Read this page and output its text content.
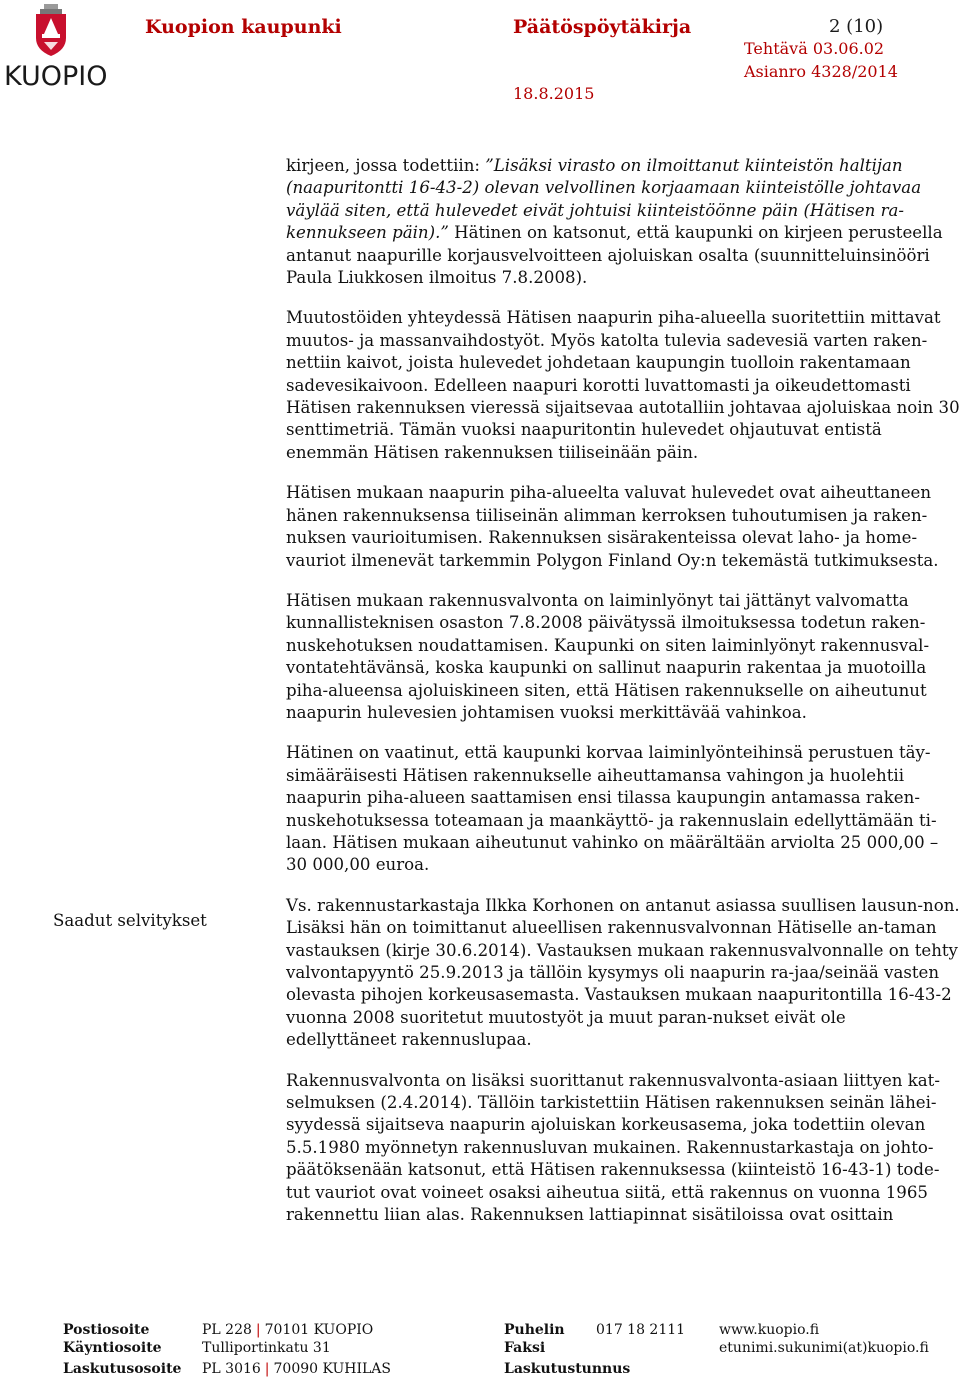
KUOPIO
Kuopion kaupunki	Päätöspöytäkirja	2 (10)
Tehtävä 03.06.02
Asianro 4328/2014
18.8.2015

kirjeen, jossa todettiin: ”Lisäksi virasto on ilmoittanut kiinteistön haltijan (naapuritontti 16-43-2) olevan velvollinen korjaamaan kiinteistölle johtavaa väylää siten, että hulevedet eivät johtuisi kiinteistöönne päin (Hätisen ra-kennukseen päin).” Hätinen on katsonut, että kaupunki on kirjeen perusteella antanut naapurille korjausvelvoitteen ajoluiskan osalta (suunnitteluinsinööri Paula Liukkosen ilmoitus 7.8.2008).

Muutostöiden yhteydessä Hätisen naapurin piha-alueella suoritettiin mittavat muutos- ja massanvaihdostyöt. Myös katolta tulevia sadevesiä varten raken-nettiin kaivot, joista hulevedet johdetaan kaupungin tuolloin rakentamaan sadevesikaivoon. Edelleen naapuri korotti luvattomasti ja oikeudettomasti Hätisen rakennuksen vieressä sijaitsevaa autotalliin johtavaa ajoluiskaa noin 30 senttimetriä. Tämän vuoksi naapuritontin hulevedet ohjautuvat entistä enemmän Hätisen rakennuksen tiiliseinään päin.

Hätisen mukaan naapurin piha-alueelta valuvat hulevedet ovat aiheuttaneen hänen rakennuksensa tiiliseinän alimman kerroksen tuhoutumisen ja raken-nuksen vaurioitumisen. Rakennuksen sisärakenteissa olevat laho- ja home-vauriot ilmenevät tarkemmin Polygon Finland Oy:n tekemästä tutkimuksesta.

Hätisen mukaan rakennusvalvonta on laiminlyönyt tai jättänyt valvomatta kunnallisteknisen osaston 7.8.2008 päivätyssä ilmoituksessa todetun raken-nuskehotuksen noudattamisen. Kaupunki on siten laiminlyönyt rakennusval-vontatehtävänsä, koska kaupunki on sallinut naapurin rakentaa ja muotoilla piha-alueensa ajoluiskineen siten, että Hätisen rakennukselle on aiheutunut naapurin hulevesien johtamisen vuoksi merkittävää vahinkoa.

Hätinen on vaatinut, että kaupunki korvaa laiminlyönteihinsä perustuen täy-simääräisesti Hätisen rakennukselle aiheuttamansa vahingon ja huolehtii naapurin piha-alueen saattamisen ensi tilassa kaupungin antamassa raken-nuskehotuksessa toteamaan ja maankäyttö- ja rakennuslain edellyttämään ti-laan. Hätisen mukaan aiheutunut vahinko on määrältään arviolta 25 000,00 – 30 000,00 euroa.

Vs. rakennustarkastaja Ilkka Korhonen on antanut asiassa suullisen lausun-non. Lisäksi hän on toimittanut alueellisen rakennusvalvonnan Hätiselle an-taman vastauksen (kirje 30.6.2014). Vastauksen mukaan rakennusvalvonnalle on tehty valvontapyyntö 25.9.2013 ja tällöin kysymys oli naapurin ra-jaa/seinää vasten olevasta pihojen korkeusasemasta. Vastauksen mukaan naapuritontilla 16-43-2 vuonna 2008 suoritetut muutostyöt ja muut paran-nukset eivät ole edellyttäneet rakennuslupaa.

Rakennusvalvonta on lisäksi suorittanut rakennusvalvonta-asiaan liittyen kat-selmuksen (2.4.2014). Tällöin tarkistettiin Hätisen rakennuksen seinän lähei-syydessä sijaitseva naapurin ajoluiskan korkeusasema, joka todettiin olevan 5.5.1980 myönnetyn rakennusluvan mukainen. Rakennustarkastaja on johto-päätöksenään katsonut, että Hätisen rakennuksessa (kiinteistö 16-43-1) tode-tut vauriot ovat voineet osaksi aiheutua siitä, että rakennus on vuonna 1965 rakennettu liian alas. Rakennuksen lattiapinnat sisätiloissa ovat osittain

Saadut selvitykset
Postiosoite	PL 228 | 70101 KUOPIO	Puhelin 017 18 2111 www.kuopio.fi
Käyntiosoite	Tulliportinkatu 31	Faksi	etunimi.sukunimi(at)kuopio.fi
Laskutusosoite PL 3016 | 70090 KUHILAS	Laskutustunnus
